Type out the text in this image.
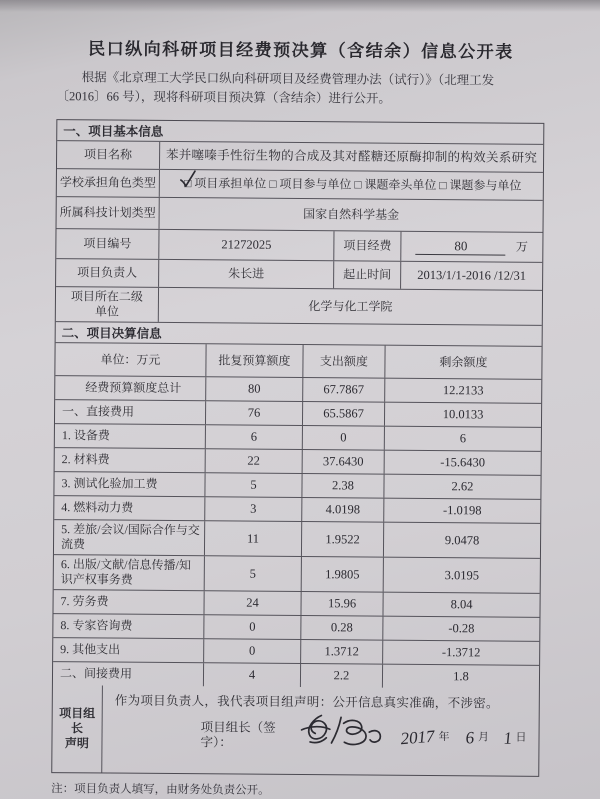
民口纵向科研项目经费预决算（含结余）信息公开表
根据《北京理工大学民口纵向科研项目及经费管理办法（试行）》（北理工发
〔2016〕66 号），现将科研项目预决算（含结余）进行公开。
一、项目基本信息
项目名称	苯并噻嗪手性衍生物的合成及其对醛糖还原酶抑制的构效关系研究
学校承担角色类型	□ 项目承担单位 □ 项目参与单位 □ 课题牵头单位 □ 课题参与单位
所属科技计划类型	国家自然科学基金
项目编号	21272025	项目经费	80	万
项目负责人	朱长进	起止时间	2013/1/1-2016 /12/31
项目所在二级
单位	化学与化工学院
二、项目决算信息
单位：万元	批复预算额度	支出额度	剩余额度
经费预算额度总计	80	67.7867	12.2133
一、直接费用	76	65.5867	10.0133
1. 设备费	6	0	6
2. 材料费	22	37.6430	-15.6430
3. 测试化验加工费	5	2.38	2.62
4. 燃料动力费	3	4.0198	-1.0198
5. 差旅/会议/国际合作与交流费	11	1.9522	9.0478
6. 出版/文献/信息传播/知识产权事务费	5	1.9805	3.0195
7. 劳务费	24	15.96	8.04
8. 专家咨询费	0	0.28	-0.28
9. 其他支出	0	1.3712	-1.3712
二、间接费用	4	2.2	1.8
项目组长
声明
作为项目负责人，我代表项目组声明：公开信息真实准确，不涉密。
项目组长（签字）：	2017 年 6 月 1 日
注：项目负责人填写，由财务处负责公开。
